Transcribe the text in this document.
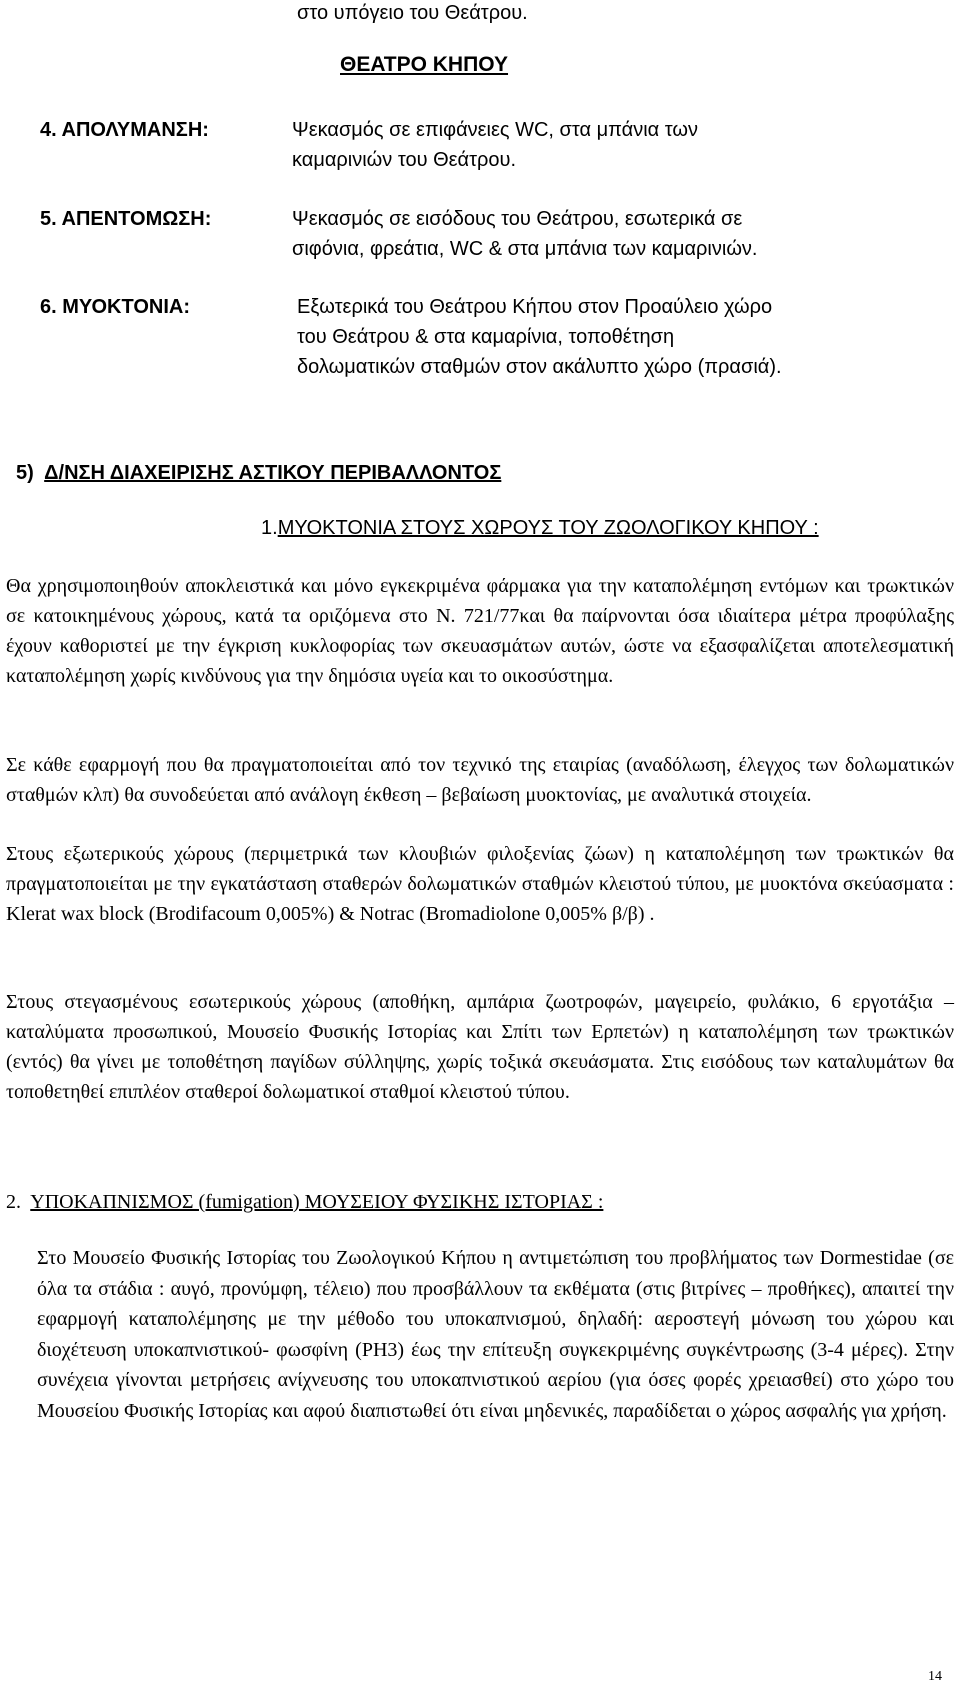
στο υπόγειο του Θεάτρου.
ΘΕΑΤΡΟ ΚΗΠΟΥ
4. ΑΠΟΛΥΜΑΝΣΗ:	Ψεκασμός σε επιφάνειες WC, στα μπάνια των
καμαρινιών του Θεάτρου.
5. ΑΠΕΝΤΟΜΩΣΗ:	Ψεκασμός σε εισόδους του Θεάτρου, εσωτερικά σε
σιφόνια, φρεάτια, WC & στα μπάνια των καμαρινιών.
6. ΜΥΟΚΤΟΝΙΑ:	Εξωτερικά του Θεάτρου Κήπου στον Προαύλειο χώρο
του Θεάτρου & στα καμαρίνια, τοποθέτηση
δολωματικών σταθμών στον ακάλυπτο χώρο (πρασιά).
5)  Δ/ΝΣΗ ΔΙΑΧΕΙΡΙΣΗΣ ΑΣΤΙΚΟΥ ΠΕΡΙΒΑΛΛΟΝΤΟΣ
1.ΜΥΟΚΤΟΝΙΑ ΣΤΟΥΣ ΧΩΡΟΥΣ ΤΟΥ ΖΩΟΛΟΓΙΚΟΥ ΚΗΠΟΥ :

Θα χρησιμοποιηθούν αποκλειστικά και μόνο εγκεκριμένα φάρμακα για την καταπολέμηση εντόμων και τρωκτικών σε κατοικημένους χώρους, κατά τα οριζόμενα στο Ν. 721/77και θα παίρνονται όσα ιδιαίτερα μέτρα προφύλαξης έχουν καθοριστεί με την έγκριση κυκλοφορίας των σκευασμάτων αυτών, ώστε να εξασφαλίζεται αποτελεσματική καταπολέμηση χωρίς κινδύνους για την δημόσια υγεία και το οικοσύστημα.

Σε κάθε εφαρμογή που θα πραγματοποιείται από τον τεχνικό της εταιρίας (αναδόλωση, έλεγχος των δολωματικών σταθμών κλπ) θα συνοδεύεται από ανάλογη έκθεση – βεβαίωση μυοκτονίας, με αναλυτικά στοιχεία.

Στους εξωτερικούς χώρους (περιμετρικά των κλουβιών φιλοξενίας ζώων) η καταπολέμηση των τρωκτικών θα πραγματοποιείται με την εγκατάσταση σταθερών δολωματικών σταθμών κλειστού τύπου, με μυοκτόνα σκεύασματα : Klerat wax block (Brodifacoum 0,005%) & Notrac (Bromadiolone 0,005% β/β) .

Στους στεγασμένους εσωτερικούς χώρους (αποθήκη, αμπάρια ζωοτροφών, μαγειρείο, φυλάκιο, 6 εργοτάξια – καταλύματα προσωπικού, Μουσείο Φυσικής Ιστορίας και Σπίτι των Ερπετών) η καταπολέμηση των τρωκτικών (εντός) θα γίνει με τοποθέτηση παγίδων σύλληψης, χωρίς τοξικά σκευάσματα. Στις εισόδους των καταλυμάτων θα τοποθετηθεί επιπλέον σταθεροί δολωματικοί σταθμοί κλειστού τύπου.

2.  ΥΠΟΚΑΠΝΙΣΜΟΣ (fumigation) ΜΟΥΣΕΙΟΥ ΦΥΣΙΚΗΣ ΙΣΤΟΡΙΑΣ :

Στο Μουσείο Φυσικής Ιστορίας του Ζωολογικού Κήπου η αντιμετώπιση του προβλήματος των Dormestidae (σε όλα τα στάδια : αυγό, προνύμφη, τέλειο) που προσβάλλουν τα εκθέματα (στις βιτρίνες – προθήκες), απαιτεί την εφαρμογή καταπολέμησης με την μέθοδο του υποκαπνισμού, δηλαδή: αεροστεγή μόνωση του χώρου και διοχέτευση υποκαπνιστικού- φωσφίνη (PH3) έως την επίτευξη συγκεκριμένης συγκέντρωσης (3-4 μέρες). Στην συνέχεια γίνονται μετρήσεις ανίχνευσης του υποκαπνιστικού αερίου (για όσες φορές χρειασθεί) στο χώρο του Μουσείου Φυσικής Ιστορίας και αφού διαπιστωθεί ότι είναι μηδενικές, παραδίδεται ο χώρος ασφαλής για χρήση.

14
